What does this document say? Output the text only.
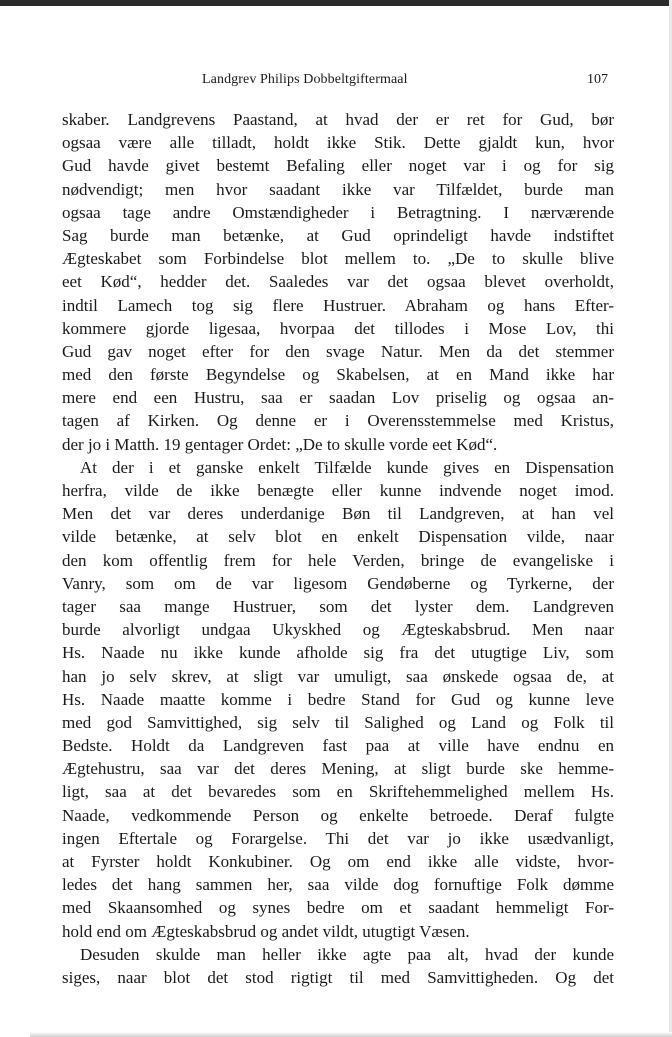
Landgrev Philips Dobbeltgiftermaal	107
skaber. Landgrevens Paastand, at hvad der er ret for Gud, bør
ogsaa være alle tilladt, holdt ikke Stik. Dette gjaldt kun, hvor
Gud havde givet bestemt Befaling eller noget var i og for sig
nødvendigt; men hvor saadant ikke var Tilfældet, burde man
ogsaa tage andre Omstændigheder i Betragtning. I nærværende
Sag burde man betænke, at Gud oprindeligt havde indstiftet
Ægteskabet som Forbindelse blot mellem to. „De to skulle blive
eet Kød“, hedder det. Saaledes var det ogsaa blevet overholdt,
indtil Lamech tog sig flere Hustruer. Abraham og hans Efter-
kommere gjorde ligesaa, hvorpaa det tillodes i Mose Lov, thi
Gud gav noget efter for den svage Natur. Men da det stemmer
med den første Begyndelse og Skabelsen, at en Mand ikke har
mere end een Hustru, saa er saadan Lov priselig og ogsaa an-
tagen af Kirken. Og denne er i Overensstemmelse med Kristus,
der jo i Matth. 19 gentager Ordet: „De to skulle vorde eet Kød“.
At der i et ganske enkelt Tilfælde kunde gives en Dispensation
herfra, vilde de ikke benægte eller kunne indvende noget imod.
Men det var deres underdanige Bøn til Landgreven, at han vel
vilde betænke, at selv blot en enkelt Dispensation vilde, naar
den kom offentlig frem for hele Verden, bringe de evangeliske i
Vanry, som om de var ligesom Gendøberne og Tyrkerne, der
tager saa mange Hustruer, som det lyster dem. Landgreven
burde alvorligt undgaa Ukyskhed og Ægteskabsbrud. Men naar
Hs. Naade nu ikke kunde afholde sig fra det utugtige Liv, som
han jo selv skrev, at sligt var umuligt, saa ønskede ogsaa de, at
Hs. Naade maatte komme i bedre Stand for Gud og kunne leve
med god Samvittighed, sig selv til Salighed og Land og Folk til
Bedste. Holdt da Landgreven fast paa at ville have endnu en
Ægtehustru, saa var det deres Mening, at sligt burde ske hemme-
ligt, saa at det bevaredes som en Skriftehemmelighed mellem Hs.
Naade, vedkommende Person og enkelte betroede. Deraf fulgte
ingen Eftertale og Forargelse. Thi det var jo ikke usædvanligt,
at Fyrster holdt Konkubiner. Og om end ikke alle vidste, hvor-
ledes det hang sammen her, saa vilde dog fornuftige Folk dømme
med Skaansomhed og synes bedre om et saadant hemmeligt For-
hold end om Ægteskabsbrud og andet vildt, utugtigt Væsen.
Desuden skulde man heller ikke agte paa alt, hvad der kunde
siges, naar blot det stod rigtigt til med Samvittigheden. Og det
